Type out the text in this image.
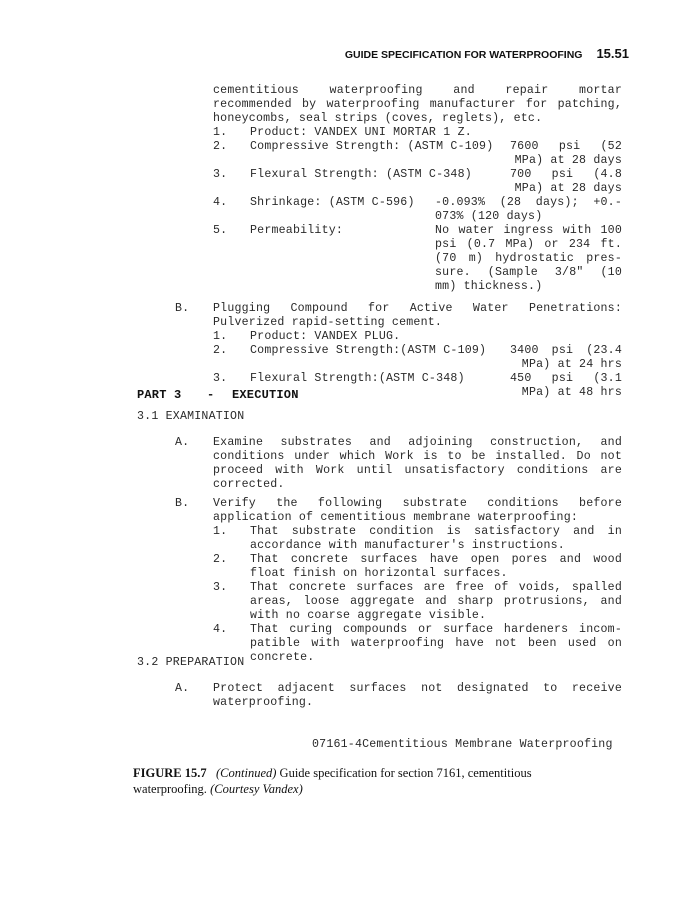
GUIDE SPECIFICATION FOR WATERPROOFING 15.51
cementitious waterproofing and repair mortar
recommended by waterproofing manufacturer for patching,
honeycombs, seal strips (coves, reglets), etc.
1. Product: VANDEX UNI MORTAR 1 Z.
2. Compressive Strength: (ASTM C-109) 7600 psi (52
MPa) at 28 days
3. Flexural Strength: (ASTM C-348)	700 psi (4.8
MPa) at 28 days
4. Shrinkage: (ASTM C-596) -0.093% (28 days); +0.-
073% (120 days)
5. Permeability:	No water ingress with 100
psi (0.7 MPa) or 234 ft.
(70 m) hydrostatic pres-
sure. (Sample 3/8" (10
mm) thickness.)
B. Plugging Compound for Active Water Penetrations:
Pulverized rapid-setting cement.
1. Product: VANDEX PLUG.
2. Compressive Strength:(ASTM C-109) 3400 psi (23.4
MPa) at 24 hrs
3. Flexural Strength:(ASTM C-348)	450 psi (3.1
MPa) at 48 hrs
PART 3 - EXECUTION
3.1 EXAMINATION
A. Examine substrates and adjoining construction, and
conditions under which Work is to be installed. Do not
proceed with Work until unsatisfactory conditions are
corrected.
B. Verify the following substrate conditions before
application of cementitious membrane waterproofing:
1. That substrate condition is satisfactory and in
accordance with manufacturer's instructions.
2. That concrete surfaces have open pores and wood
float finish on horizontal surfaces.
3. That concrete surfaces are free of voids, spalled
areas, loose aggregate and sharp protrusions, and
with no coarse aggregate visible.
4. That curing compounds or surface hardeners incom-
patible with waterproofing have not been used on
concrete.
3.2 PREPARATION
A. Protect adjacent surfaces not designated to receive
waterproofing.
07161-4Cementitious Membrane Waterproofing
FIGURE 15.7 (Continued) Guide specification for section 7161, cementitious waterproofing. (Courtesy Vandex)
